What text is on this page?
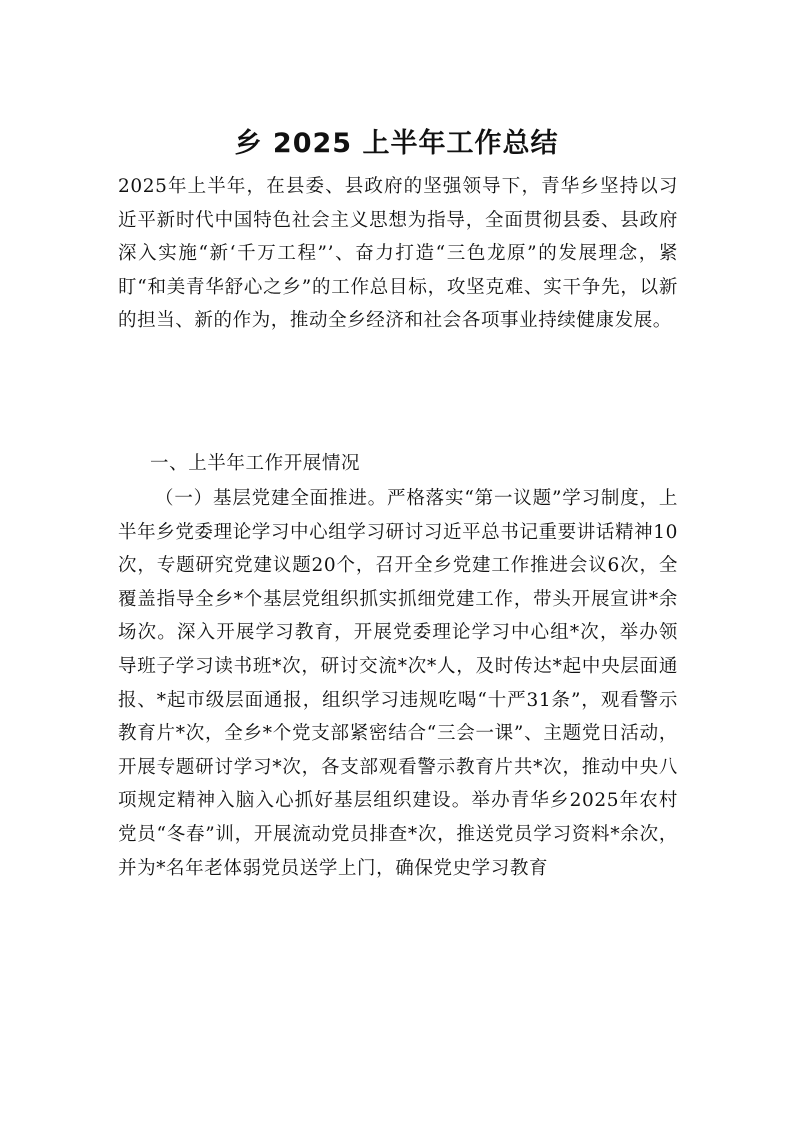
乡 2025 上半年工作总结
2025年上半年，在县委、县政府的坚强领导下，青华乡坚持以习近平新时代中国特色社会主义思想为指导，全面贯彻县委、县政府深入实施“新‘千万工程”’、奋力打造“三色龙原”的发展理念，紧盯“和美青华舒心之乡”的工作总目标，攻坚克难、实干争先，以新的担当、新的作为，推动全乡经济和社会各项事业持续健康发展。
一、上半年工作开展情况
（一）基层党建全面推进。严格落实“第一议题”学习制度，上半年乡党委理论学习中心组学习研讨习近平总书记重要讲话精神10次，专题研究党建议题20个，召开全乡党建工作推进会议6次，全覆盖指导全乡*个基层党组织抓实抓细党建工作，带头开展宣讲*余场次。深入开展学习教育，开展党委理论学习中心组*次，举办领导班子学习读书班*次，研讨交流*次*人，及时传达*起中央层面通报、*起市级层面通报，组织学习违规吃喝“十严31条”，观看警示教育片*次，全乡*个党支部紧密结合“三会一课”、主题党日活动，开展专题研讨学习*次，各支部观看警示教育片共*次，推动中央八项规定精神入脑入心抓好基层组织建设。举办青华乡2025年农村党员“冬春”训，开展流动党员排查*次，推送党员学习资料*余次，并为*名年老体弱党员送学上门，确保党史学习教育
